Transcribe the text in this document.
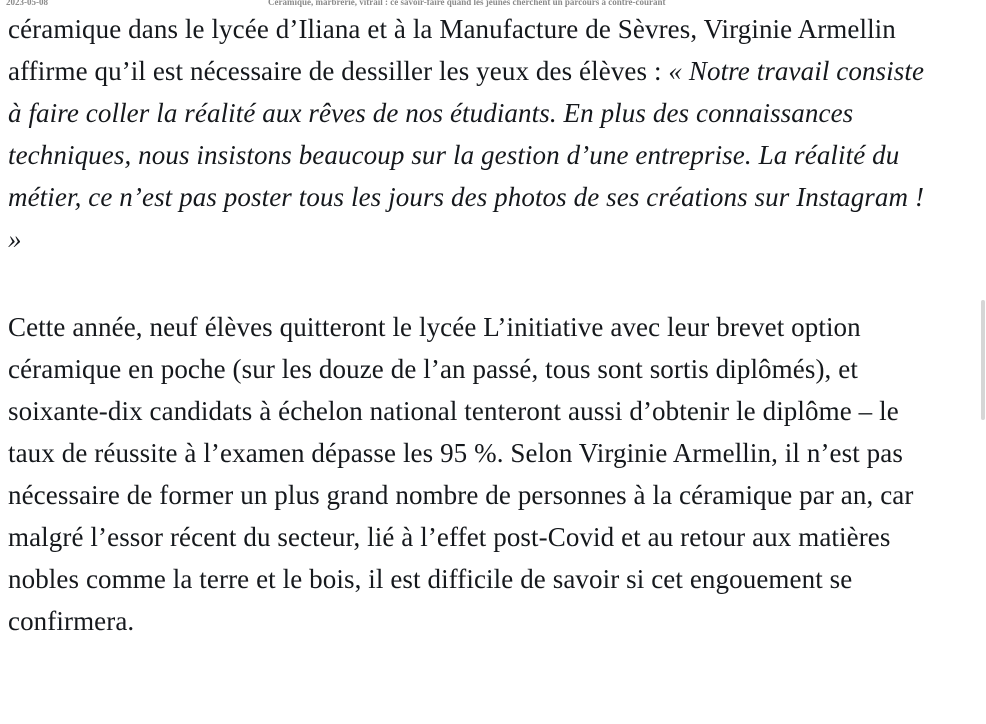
2023-05-08	Céramique, marbrerie, vitrail : ce savoir-faire quand les jeunes cherchent un parcours à contre-courant

céramique dans le lycée d’Iliana et à la Manufacture de Sèvres, Virginie Armellin affirme qu’il est nécessaire de dessiller les yeux des élèves : « Notre travail consiste à faire coller la réalité aux rêves de nos étudiants. En plus des connaissances techniques, nous insistons beaucoup sur la gestion d’une entreprise. La réalité du métier, ce n’est pas poster tous les jours des photos de ses créations sur Instagram ! »

Cette année, neuf élèves quitteront le lycée L’initiative avec leur brevet option céramique en poche (sur les douze de l’an passé, tous sont sortis diplômés), et soixante-dix candidats à échelon national tenteront aussi d’obtenir le diplôme – le taux de réussite à l’examen dépasse les 95 %. Selon Virginie Armellin, il n’est pas nécessaire de former un plus grand nombre de personnes à la céramique par an, car malgré l’essor récent du secteur, lié à l’effet post-Covid et au retour aux matières nobles comme la terre et le bois, il est difficile de savoir si cet engouement se confirmera.
